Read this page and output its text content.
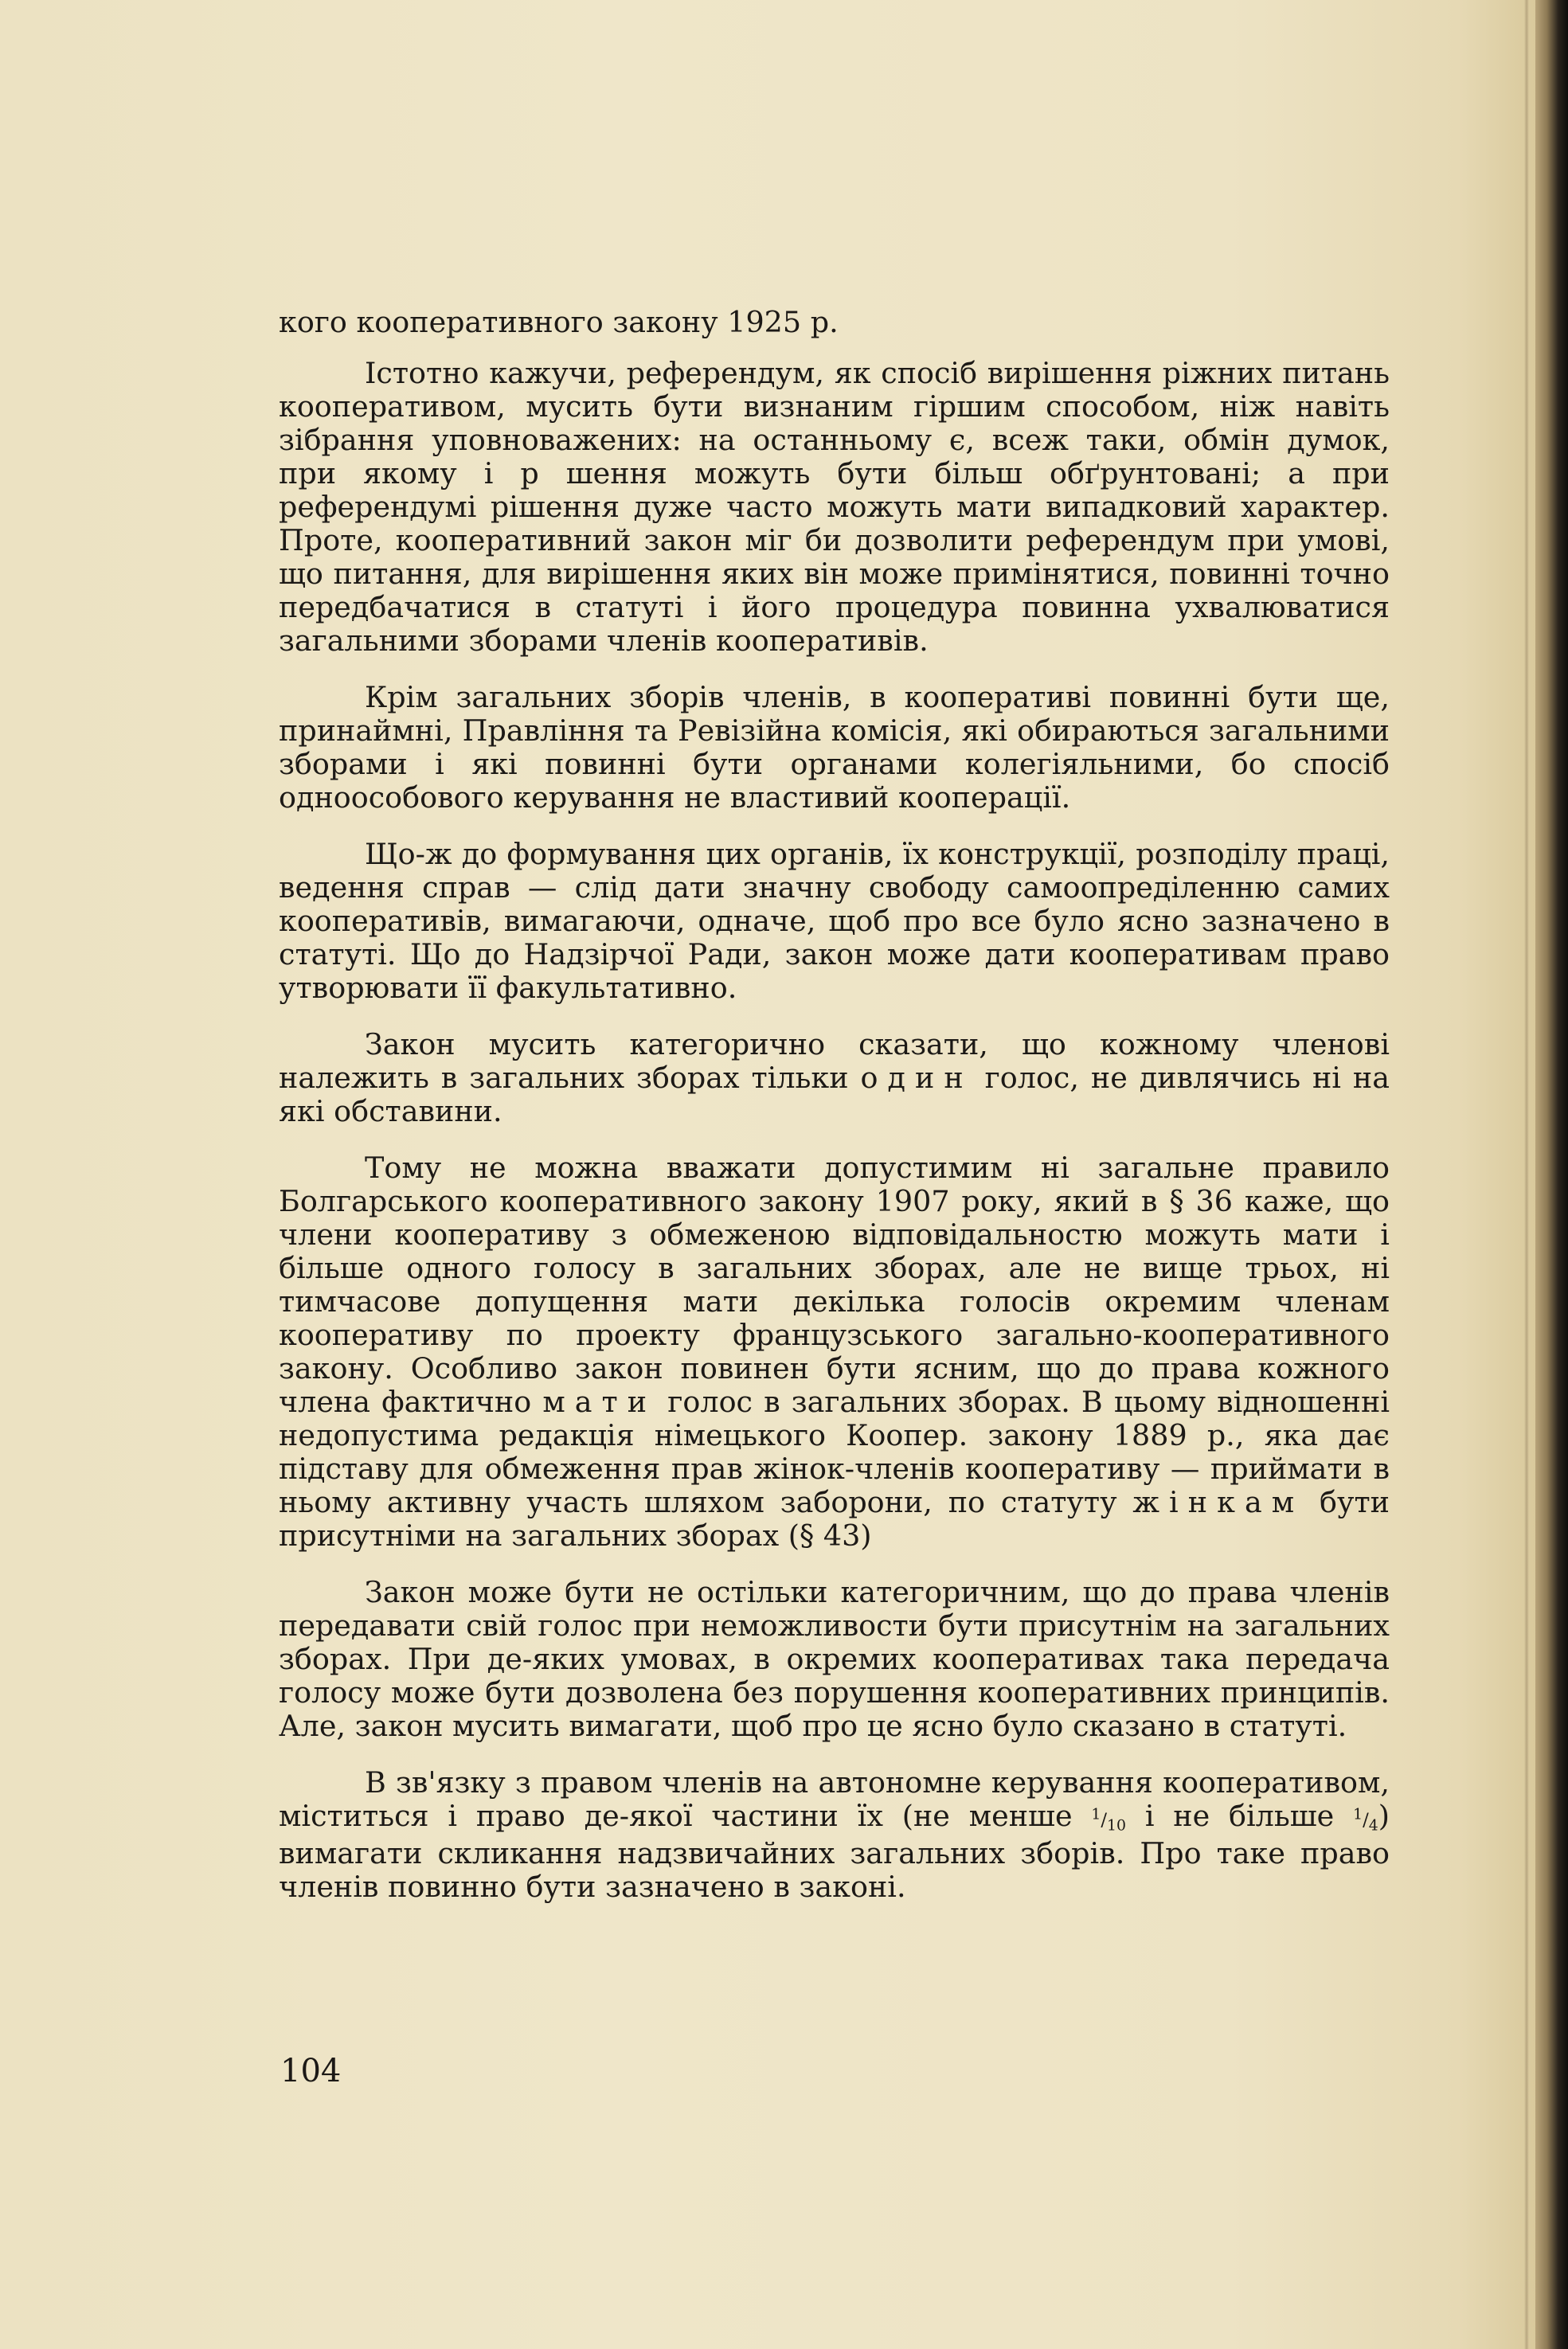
кого кооперативного закону 1925 р.

Істотно кажучи, референдум, як спосіб вирішення ріжних питань кооперативом, мусить бути визнаним гіршим способом, ніж навіть зібрання уповноважених: на останньому є, всеж таки, обмін думок, при якому і р шення можуть бути більш обґрунтовані; а при референдумі рішення дуже часто можуть мати випадковий характер. Проте, кооперативний закон міг би дозволити референдум при умові, що питання, для вирішення яких він може примінятися, повинні точно передбачатися в статуті і його процедура повинна ухвалюватися загальними зборами членів кооперативів.

Крім загальних зборів членів, в кооперативі повинні бути ще, принаймні, Правління та Ревізійна комісія, які обираються загальними зборами і які повинні бути органами колегіяльними, бо спосіб одноособового керування не властивий кооперації.

Що-ж до формування цих органів, їх конструкції, розподілу праці, ведення справ — слід дати значну свободу самоопреділенню самих кооперативів, вимагаючи, одначе, щоб про все було ясно зазначено в статуті. Що до Надзірчої Ради, закон може дати кооперативам право утворювати її факультативно.

Закон мусить категорично сказати, що кожному членові належить в загальних зборах тільки один голос, не дивлячись ні на які обставини.

Тому не можна вважати допустимим ні загальне правило Болгарського кооперативного закону 1907 року, який в § 36 каже, що члени кооперативу з обмеженою відповідальностю можуть мати і більше одного голосу в загальних зборах, але не вище трьох, ні тимчасове допущення мати декілька голосів окремим членам кооперативу по проекту французського загально-кооперативного закону. Особливо закон повинен бути ясним, що до права кожного члена фактично мати голос в загальних зборах. В цьому відношенні недопустима редакція німецького Коопер. закону 1889 р., яка дає підставу для обмеження прав жінок-членів кооперативу — приймати в ньому активну участь шляхом заборони, по статуту жінкам бути присутніми на загальних зборах (§ 43)

Закон може бути не остільки категоричним, що до права членів передавати свій голос при неможливости бути присутнім на загальних зборах. При де-яких умовах, в окремих кооперативах така передача голосу може бути дозволена без порушення кооперативних принципів. Але, закон мусить вимагати, щоб про це ясно було сказано в статуті.

В зв'язку з правом членів на автономне керування кооперативом, міститься і право де-якої частини їх (не менше $^1/_{10}$ і не більше $^1/_4$) вимагати скликання надзвичайних загальних зборів. Про таке право членів повинно бути зазначено в законі.

104
